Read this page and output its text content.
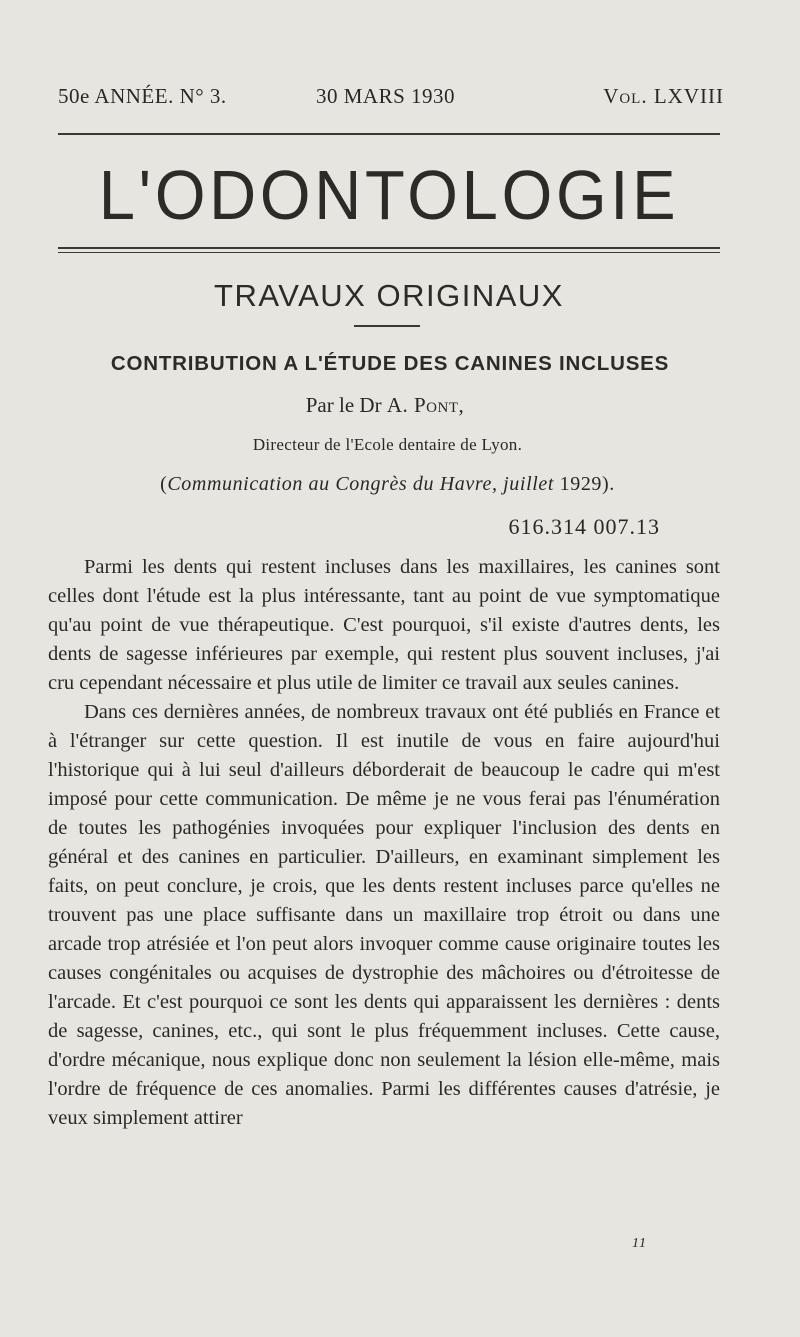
50e ANNÉE. N° 3.	30 MARS 1930	Vol. LXVIII
L'ODONTOLOGIE
TRAVAUX ORIGINAUX
CONTRIBUTION A L'ÉTUDE DES CANINES INCLUSES
Par le Dr A. Pont,
Directeur de l'Ecole dentaire de Lyon.
(Communication au Congrès du Havre, juillet 1929).
616.314 007.13

Parmi les dents qui restent incluses dans les maxillaires, les canines sont celles dont l'étude est la plus intéressante, tant au point de vue symptomatique qu'au point de vue thérapeutique. C'est pourquoi, s'il existe d'autres dents, les dents de sagesse inférieures par exemple, qui restent plus souvent incluses, j'ai cru cependant nécessaire et plus utile de limiter ce travail aux seules canines.

Dans ces dernières années, de nombreux travaux ont été publiés en France et à l'étranger sur cette question. Il est inutile de vous en faire aujourd'hui l'historique qui à lui seul d'ailleurs déborderait de beaucoup le cadre qui m'est imposé pour cette communication. De même je ne vous ferai pas l'énumération de toutes les pathogénies invoquées pour expliquer l'inclusion des dents en général et des canines en particulier. D'ailleurs, en examinant simplement les faits, on peut conclure, je crois, que les dents restent incluses parce qu'elles ne trouvent pas une place suffisante dans un maxillaire trop étroit ou dans une arcade trop atrésiée et l'on peut alors invoquer comme cause originaire toutes les causes congénitales ou acquises de dystrophie des mâchoires ou d'étroitesse de l'arcade. Et c'est pourquoi ce sont les dents qui apparaissent les dernières : dents de sagesse, canines, etc., qui sont le plus fréquemment incluses. Cette cause, d'ordre mécanique, nous explique donc non seulement la lésion elle-même, mais l'ordre de fréquence de ces anomalies. Parmi les différentes causes d'atrésie, je veux simplement attirer

11
